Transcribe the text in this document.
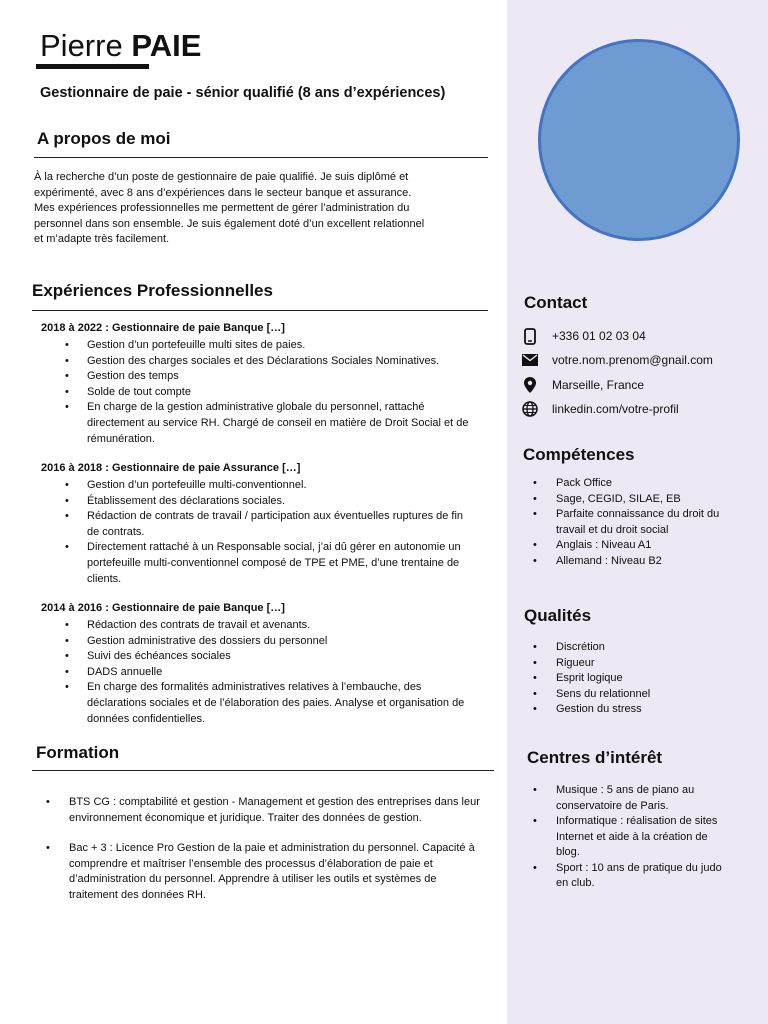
Pierre PAIE
Gestionnaire de paie - sénior qualifié (8 ans d’expériences)
A propos de moi
À la recherche d’un poste de gestionnaire de paie qualifié. Je suis diplômé et
expérimenté, avec 8 ans d’expériences dans le secteur banque et assurance.
Mes expériences professionnelles me permettent de gérer l’administration du
personnel dans son ensemble. Je suis également doté d’un excellent relationnel
et m’adapte très facilement.
Expériences Professionnelles
2018 à 2022 : Gestionnaire de paie Banque […]
• Gestion d’un portefeuille multi sites de paies.
• Gestion des charges sociales et des Déclarations Sociales Nominatives.
• Gestion des temps
• Solde de tout compte
• En charge de la gestion administrative globale du personnel, rattaché directement au service RH. Chargé de conseil en matière de Droit Social et de rémunération.
2016 à 2018 : Gestionnaire de paie Assurance […]
• Gestion d’un portefeuille multi-conventionnel.
• Établissement des déclarations sociales.
• Rédaction de contrats de travail / participation aux éventuelles ruptures de fin de contrats.
• Directement rattaché à un Responsable social, j’ai dû gérer en autonomie un portefeuille multi-conventionnel composé de TPE et PME, d’une trentaine de clients.
2014 à 2016 : Gestionnaire de paie Banque […]
• Rédaction des contrats de travail et avenants.
• Gestion administrative des dossiers du personnel
• Suivi des échéances sociales
• DADS annuelle
• En charge des formalités administratives relatives à l’embauche, des déclarations sociales et de l’élaboration des paies. Analyse et organisation de données confidentielles.
Formation
• BTS CG : comptabilité et gestion - Management et gestion des entreprises dans leur environnement économique et juridique. Traiter des données de gestion.
• Bac + 3 : Licence Pro Gestion de la paie et administration du personnel. Capacité à comprendre et maîtriser l’ensemble des processus d’élaboration de paie et d’administration du personnel. Apprendre à utiliser les outils et systèmes de traitement des données RH.
Contact
+336 01 02 03 04
votre.nom.prenom@gnail.com
Marseille, France
linkedin.com/votre-profil
Compétences
• Pack Office
• Sage, CEGID, SILAE, EB
• Parfaite connaissance du droit du travail et du droit social
• Anglais : Niveau A1
• Allemand : Niveau B2
Qualités
• Discrétion
• Rigueur
• Esprit logique
• Sens du relationnel
• Gestion du stress
Centres d’intérêt
• Musique : 5 ans de piano au conservatoire de Paris.
• Informatique : réalisation de sites Internet et aide à la création de blog.
• Sport : 10 ans de pratique du judo en club.
